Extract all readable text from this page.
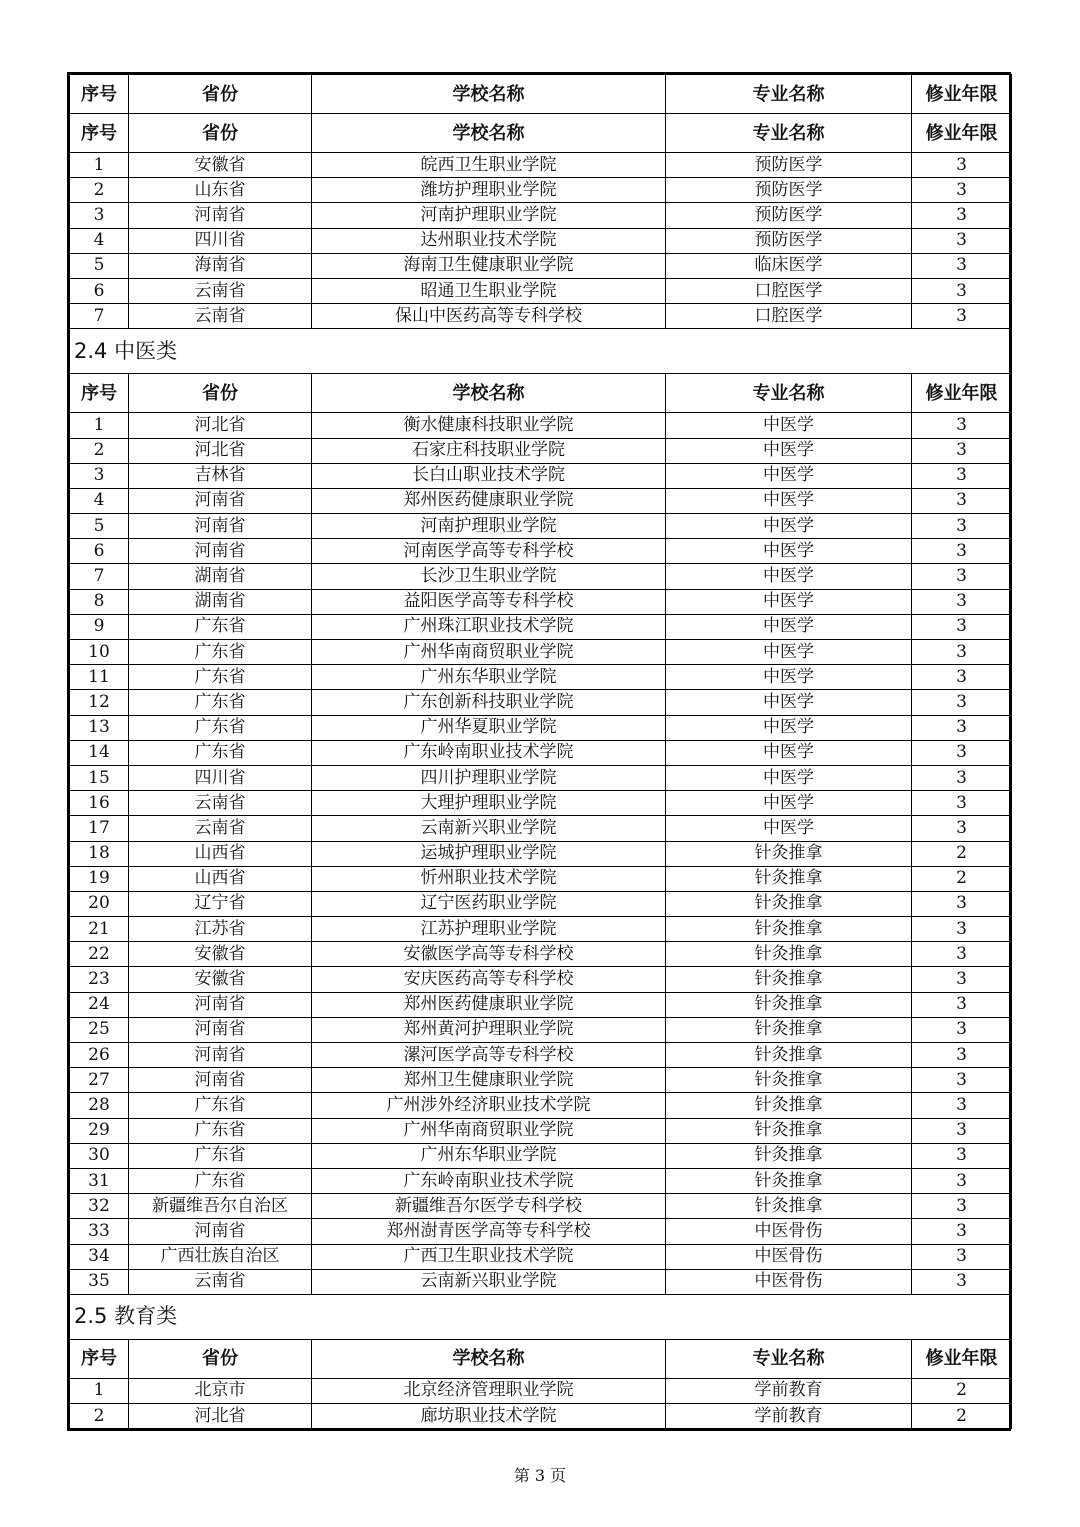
序号	省份	学校名称	专业名称	修业年限
序号	省份	学校名称	专业名称	修业年限
1	安徽省	皖西卫生职业学院	预防医学	3
2	山东省	潍坊护理职业学院	预防医学	3
3	河南省	河南护理职业学院	预防医学	3
4	四川省	达州职业技术学院	预防医学	3
5	海南省	海南卫生健康职业学院	临床医学	3
6	云南省	昭通卫生职业学院	口腔医学	3
7	云南省	保山中医药高等专科学校	口腔医学	3
2.4 中医类				
序号	省份	学校名称	专业名称	修业年限
1	河北省	衡水健康科技职业学院	中医学	3
2	河北省	石家庄科技职业学院	中医学	3
3	吉林省	长白山职业技术学院	中医学	3
4	河南省	郑州医药健康职业学院	中医学	3
5	河南省	河南护理职业学院	中医学	3
6	河南省	河南医学高等专科学校	中医学	3
7	湖南省	长沙卫生职业学院	中医学	3
8	湖南省	益阳医学高等专科学校	中医学	3
9	广东省	广州珠江职业技术学院	中医学	3
10	广东省	广州华南商贸职业学院	中医学	3
11	广东省	广州东华职业学院	中医学	3
12	广东省	广东创新科技职业学院	中医学	3
13	广东省	广州华夏职业学院	中医学	3
14	广东省	广东岭南职业技术学院	中医学	3
15	四川省	四川护理职业学院	中医学	3
16	云南省	大理护理职业学院	中医学	3
17	云南省	云南新兴职业学院	中医学	3
18	山西省	运城护理职业学院	针灸推拿	2
19	山西省	忻州职业技术学院	针灸推拿	2
20	辽宁省	辽宁医药职业学院	针灸推拿	3
21	江苏省	江苏护理职业学院	针灸推拿	3
22	安徽省	安徽医学高等专科学校	针灸推拿	3
23	安徽省	安庆医药高等专科学校	针灸推拿	3
24	河南省	郑州医药健康职业学院	针灸推拿	3
25	河南省	郑州黄河护理职业学院	针灸推拿	3
26	河南省	漯河医学高等专科学校	针灸推拿	3
27	河南省	郑州卫生健康职业学院	针灸推拿	3
28	广东省	广州涉外经济职业技术学院	针灸推拿	3
29	广东省	广州华南商贸职业学院	针灸推拿	3
30	广东省	广州东华职业学院	针灸推拿	3
31	广东省	广东岭南职业技术学院	针灸推拿	3
32	新疆维吾尔自治区	新疆维吾尔医学专科学校	针灸推拿	3
33	河南省	郑州澍青医学高等专科学校	中医骨伤	3
34	广西壮族自治区	广西卫生职业技术学院	中医骨伤	3
35	云南省	云南新兴职业学院	中医骨伤	3
2.5 教育类				
序号	省份	学校名称	专业名称	修业年限
1	北京市	北京经济管理职业学院	学前教育	2
2	河北省	廊坊职业技术学院	学前教育	2
第 3 页
